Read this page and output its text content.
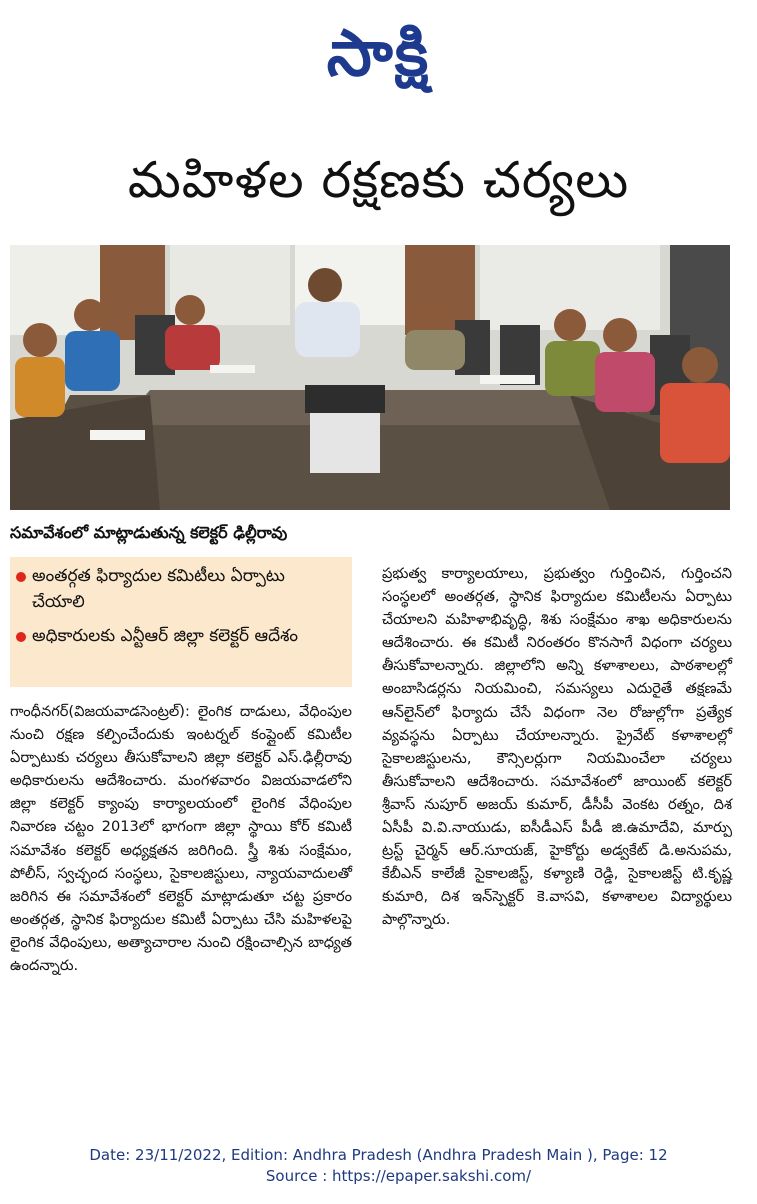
సాక్షి
మహిళల రక్షణకు చర్యలు
సమావేశంలో మాట్లాడుతున్న కలెక్టర్ ఢిల్లీరావు
అంతర్గత ఫిర్యాదుల కమిటీలు ఏర్పాటు చేయాలి
అధికారులకు ఎన్టీఆర్ జిల్లా కలెక్టర్ ఆదేశం
గాంధీనగర్(విజయవాడసెంట్రల్): లైంగిక దాడులు, వేధింపుల నుంచి రక్షణ కల్పించేందుకు ఇంటర్నల్ కంప్లైంట్ కమిటీల ఏర్పాటుకు చర్యలు తీసుకోవాలని జిల్లా కలెక్టర్ ఎస్.ఢిల్లీరావు అధికారులను ఆదేశించారు. మంగళవారం విజయవాడలోని జిల్లా కలెక్టర్ క్యాంపు కార్యాలయంలో లైంగిక వేధింపుల నివారణ చట్టం 2013లో భాగంగా జిల్లా స్థాయి కోర్ కమిటీ సమావేశం కలెక్టర్ అధ్యక్షతన జరిగింది. స్త్రీ శిశు సంక్షేమం, పోలీస్, స్వచ్ఛంద సంస్థలు, సైకాలజిస్టులు, న్యాయవాదులతో జరిగిన ఈ సమావేశంలో కలెక్టర్ మాట్లాడుతూ చట్ట ప్రకారం అంతర్గత, స్థానిక ఫిర్యాదుల కమిటీ ఏర్పాటు చేసి మహిళలపై లైంగిక వేధింపులు, అత్యాచారాల నుంచి రక్షించాల్సిన బాధ్యత ఉందన్నారు.
ప్రభుత్వ కార్యాలయాలు, ప్రభుత్వం గుర్తించిన, గుర్తించని సంస్థలలో అంతర్గత, స్థానిక ఫిర్యాదుల కమిటీలను ఏర్పాటు చేయాలని మహిళాభివృద్ధి, శిశు సంక్షేమం శాఖ అధికారులను ఆదేశించారు. ఈ కమిటీ నిరంతరం కొనసాగే విధంగా చర్యలు తీసుకోవాలన్నారు. జిల్లాలోని అన్ని కళాశాలలు, పాఠశాలల్లో అంబాసిడర్లను నియమించి, సమస్యలు ఎదురైతే తక్షణమే ఆన్‌లైన్‌లో ఫిర్యాదు చేసే విధంగా నెల రోజుల్లోగా ప్రత్యేక వ్యవస్థను ఏర్పాటు చేయాలన్నారు. ప్రైవేట్ కళాశాలల్లో సైకాలజిస్టులను, కౌన్సిలర్లుగా నియమించేలా చర్యలు తీసుకోవాలని ఆదేశించారు. సమావేశంలో జాయింట్ కలెక్టర్ శ్రీవాస్ నుపూర్ అజయ్ కుమార్, డీసీపీ వెంకట రత్నం, దిశ ఏసీపీ వి.వి.నాయుడు, ఐసీడీఎస్ పీడీ జి.ఉమాదేవి, మార్పు ట్రస్ట్ చైర్మన్ ఆర్.సూయజ్, హైకోర్టు అడ్వకేట్ డి.అనుపమ, కేబీఎన్ కాలేజీ సైకాలజిస్ట్, కళ్యాణి రెడ్డి, సైకాలజిస్ట్ టి.కృష్ణ కుమారి, దిశ ఇన్‌స్పెక్టర్ కె.వాసవి, కళాశాలల విద్యార్థులు పాల్గొన్నారు.
Date: 23/11/2022, Edition: Andhra Pradesh (Andhra Pradesh Main ), Page: 12
Source : https://epaper.sakshi.com/
